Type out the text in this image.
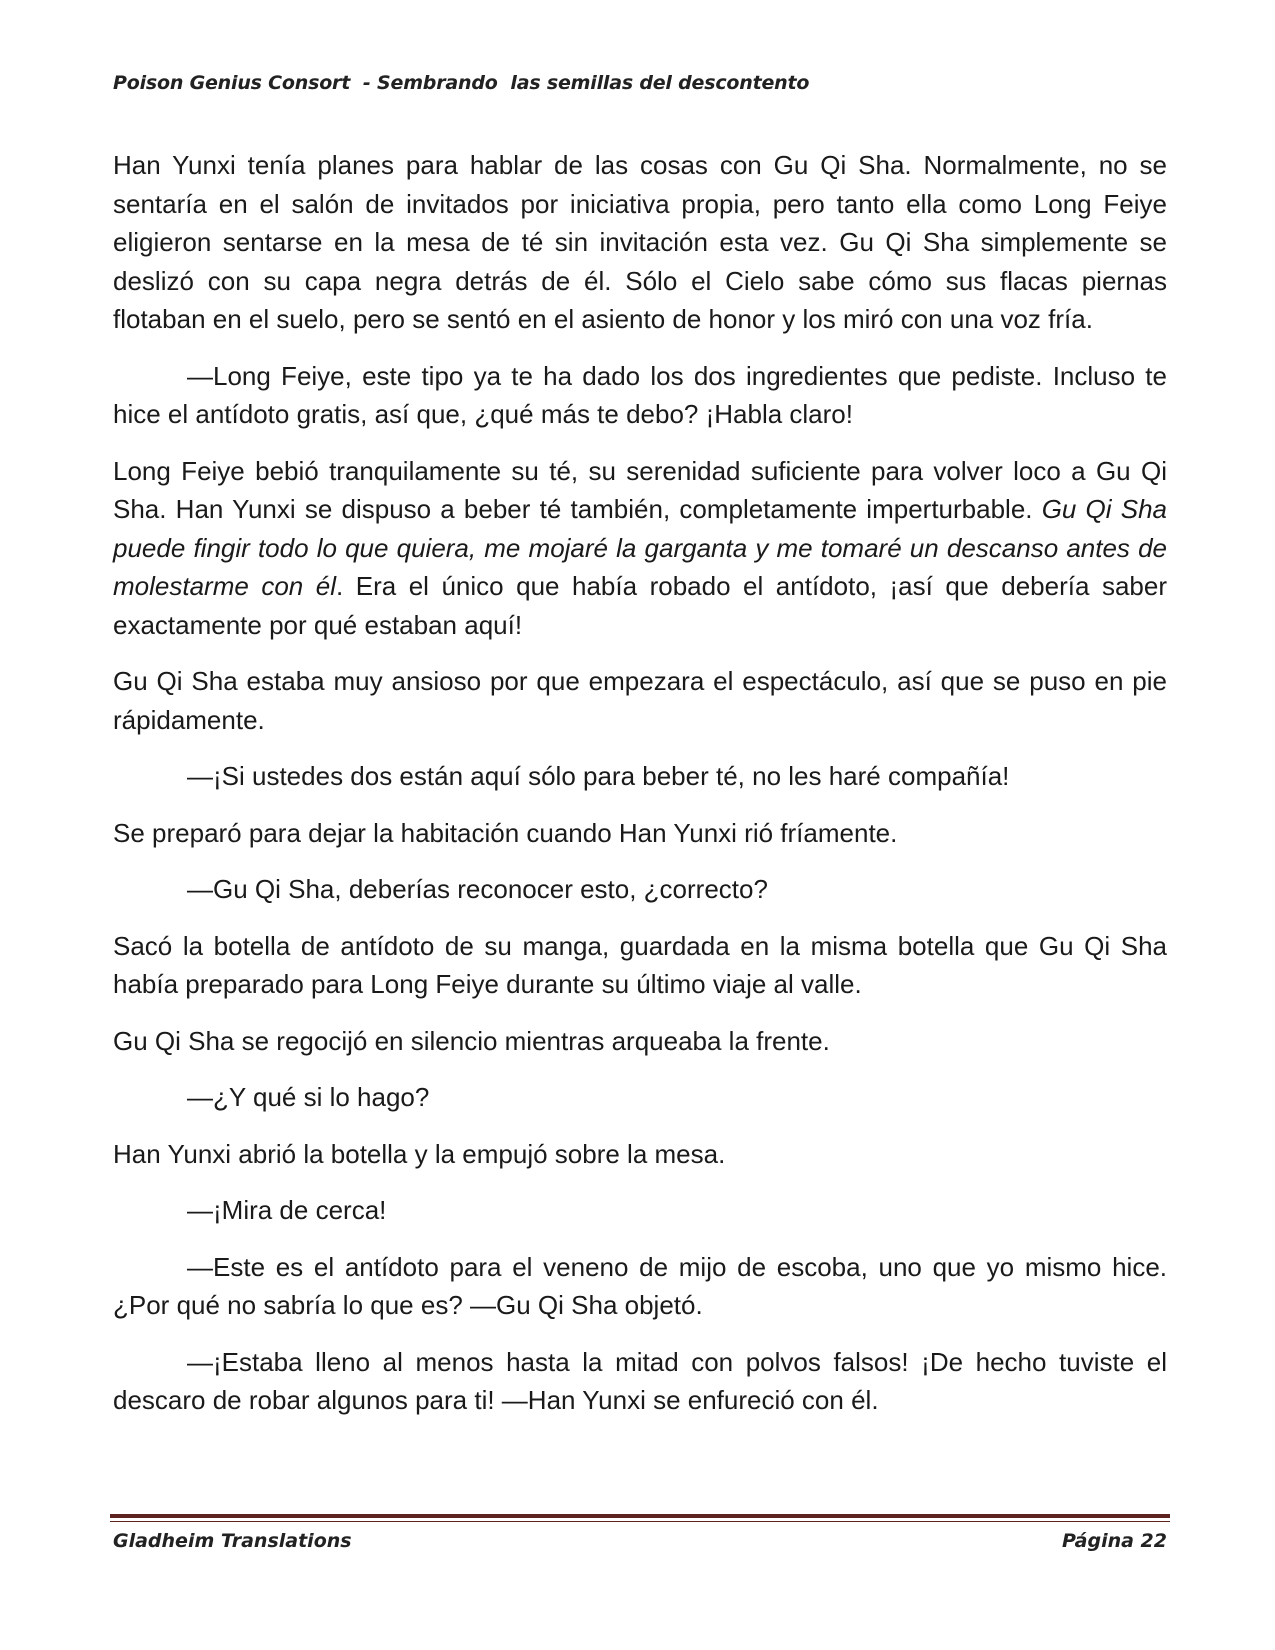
Poison Genius Consort  - Sembrando  las semillas del descontento

Han Yunxi tenía planes para hablar de las cosas con Gu Qi Sha. Normalmente, no se sentaría en el salón de invitados por iniciativa propia, pero tanto ella como Long Feiye eligieron sentarse en la mesa de té sin invitación esta vez. Gu Qi Sha simplemente se deslizó con su capa negra detrás de él. Sólo el Cielo sabe cómo sus flacas piernas flotaban en el suelo, pero se sentó en el asiento de honor y los miró con una voz fría.

—Long Feiye, este tipo ya te ha dado los dos ingredientes que pediste. Incluso te hice el antídoto gratis, así que, ¿qué más te debo? ¡Habla claro!

Long Feiye bebió tranquilamente su té, su serenidad suficiente para volver loco a Gu Qi Sha. Han Yunxi se dispuso a beber té también, completamente imperturbable. Gu Qi Sha puede fingir todo lo que quiera, me mojaré la garganta y me tomaré un descanso antes de molestarme con él. Era el único que había robado el antídoto, ¡así que debería saber exactamente por qué estaban aquí!

Gu Qi Sha estaba muy ansioso por que empezara el espectáculo, así que se puso en pie rápidamente.

—¡Si ustedes dos están aquí sólo para beber té, no les haré compañía!

Se preparó para dejar la habitación cuando Han Yunxi rió fríamente.

—Gu Qi Sha, deberías reconocer esto, ¿correcto?

Sacó la botella de antídoto de su manga, guardada en la misma botella que Gu Qi Sha había preparado para Long Feiye durante su último viaje al valle.

Gu Qi Sha se regocijó en silencio mientras arqueaba la frente.

—¿Y qué si lo hago?

Han Yunxi abrió la botella y la empujó sobre la mesa.

—¡Mira de cerca!

—Este es el antídoto para el veneno de mijo de escoba, uno que yo mismo hice. ¿Por qué no sabría lo que es? —Gu Qi Sha objetó.

—¡Estaba lleno al menos hasta la mitad con polvos falsos! ¡De hecho tuviste el descaro de robar algunos para ti! —Han Yunxi se enfureció con él.

Gladheim Translations	Página 22
